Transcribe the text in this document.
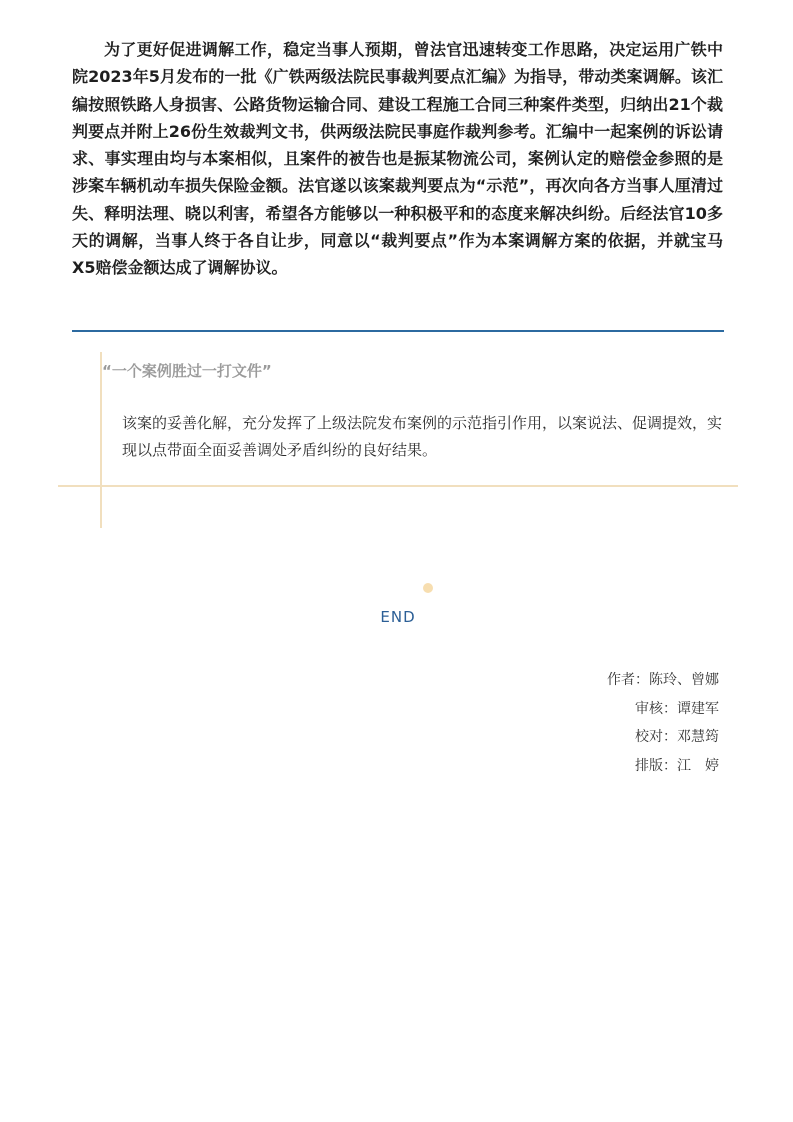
为了更好促进调解工作，稳定当事人预期，曾法官迅速转变工作思路，决定运用广铁中院2023年5月发布的一批《广铁两级法院民事裁判要点汇编》为指导，带动类案调解。该汇编按照铁路人身损害、公路货物运输合同、建设工程施工合同三种案件类型，归纳出21个裁判要点并附上26份生效裁判文书，供两级法院民事庭作裁判参考。汇编中一起案例的诉讼请求、事实理由均与本案相似，且案件的被告也是振某物流公司，案例认定的赔偿金参照的是涉案车辆机动车损失保险金额。法官遂以该案裁判要点为“示范”，再次向各方当事人厘清过失、释明法理、晓以利害，希望各方能够以一种积极平和的态度来解决纠纷。后经法官10多天的调解，当事人终于各自让步，同意以“裁判要点”作为本案调解方案的依据，并就宝马X5赔偿金额达成了调解协议。

“一个案例胜过一打文件”

该案的妥善化解，充分发挥了上级法院发布案例的示范指引作用，以案说法、促调提效，实现以点带面全面妥善调处矛盾纠纷的良好结果。

END

作者：陈玲、曾娜
审核：谭建军
校对：邓慧筠
排版：江　婷
